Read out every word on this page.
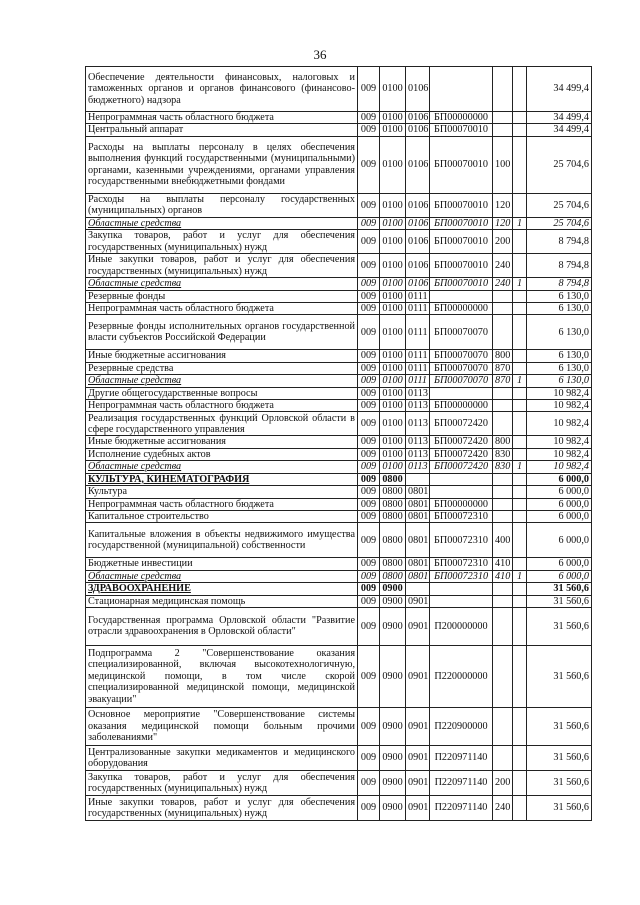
36
Обеспечение деятельности финансовых, налоговых и таможенных органов и органов финансового (финансово-бюджетного) надзора	009	0100	0106				34 499,4
Непрограммная часть областного бюджета	009	0100	0106	БП00000000			34 499,4
Центральный аппарат	009	0100	0106	БП00070010			34 499,4
Расходы на выплаты персоналу в целях обеспечения выполнения функций государственными (муниципальными) органами, казенными учреждениями, органами управления государственными внебюджетными фондами	009	0100	0106	БП00070010	100		25 704,6
Расходы на выплаты персоналу государственных (муниципальных) органов	009	0100	0106	БП00070010	120		25 704,6
Областные средства	009	0100	0106	БП00070010	120	1	25 704,6
Закупка товаров, работ и услуг для обеспечения государственных (муниципальных) нужд	009	0100	0106	БП00070010	200		8 794,8
Иные закупки товаров, работ и услуг для обеспечения государственных (муниципальных) нужд	009	0100	0106	БП00070010	240		8 794,8
Областные средства	009	0100	0106	БП00070010	240	1	8 794,8
Резервные фонды	009	0100	0111				6 130,0
Непрограммная часть областного бюджета	009	0100	0111	БП00000000			6 130,0
Резервные фонды исполнительных органов государственной власти субъектов Российской Федерации	009	0100	0111	БП00070070			6 130,0
Иные бюджетные ассигнования	009	0100	0111	БП00070070	800		6 130,0
Резервные средства	009	0100	0111	БП00070070	870		6 130,0
Областные средства	009	0100	0111	БП00070070	870	1	6 130,0
Другие общегосударственные вопросы	009	0100	0113				10 982,4
Непрограммная часть областного бюджета	009	0100	0113	БП00000000			10 982,4
Реализация государственных функций Орловской области в сфере государственного управления	009	0100	0113	БП00072420			10 982,4
Иные бюджетные ассигнования	009	0100	0113	БП00072420	800		10 982,4
Исполнение судебных актов	009	0100	0113	БП00072420	830		10 982,4
Областные средства	009	0100	0113	БП00072420	830	1	10 982,4
КУЛЬТУРА, КИНЕМАТОГРАФИЯ	009	0800					6 000,0
Культура	009	0800	0801				6 000,0
Непрограммная часть областного бюджета	009	0800	0801	БП00000000			6 000,0
Капитальное строительство	009	0800	0801	БП00072310			6 000,0
Капитальные вложения в объекты недвижимого имущества государственной (муниципальной) собственности	009	0800	0801	БП00072310	400		6 000,0
Бюджетные инвестиции	009	0800	0801	БП00072310	410		6 000,0
Областные средства	009	0800	0801	БП00072310	410	1	6 000,0
ЗДРАВООХРАНЕНИЕ	009	0900					31 560,6
Стационарная медицинская помощь	009	0900	0901				31 560,6
Государственная программа Орловской области "Развитие отрасли здравоохранения в Орловской области"	009	0900	0901	П200000000			31 560,6
Подпрограмма 2 "Совершенствование оказания специализированной, включая высокотехнологичную, медицинской помощи, в том числе скорой специализированной медицинской помощи, медицинской эвакуации"	009	0900	0901	П220000000			31 560,6
Основное мероприятие "Совершенствование системы оказания медицинской помощи больным прочими заболеваниями"	009	0900	0901	П220900000			31 560,6
Централизованные закупки медикаментов и медицинского оборудования	009	0900	0901	П220971140			31 560,6
Закупка товаров, работ и услуг для обеспечения государственных (муниципальных) нужд	009	0900	0901	П220971140	200		31 560,6
Иные закупки товаров, работ и услуг для обеспечения государственных (муниципальных) нужд	009	0900	0901	П220971140	240		31 560,6
